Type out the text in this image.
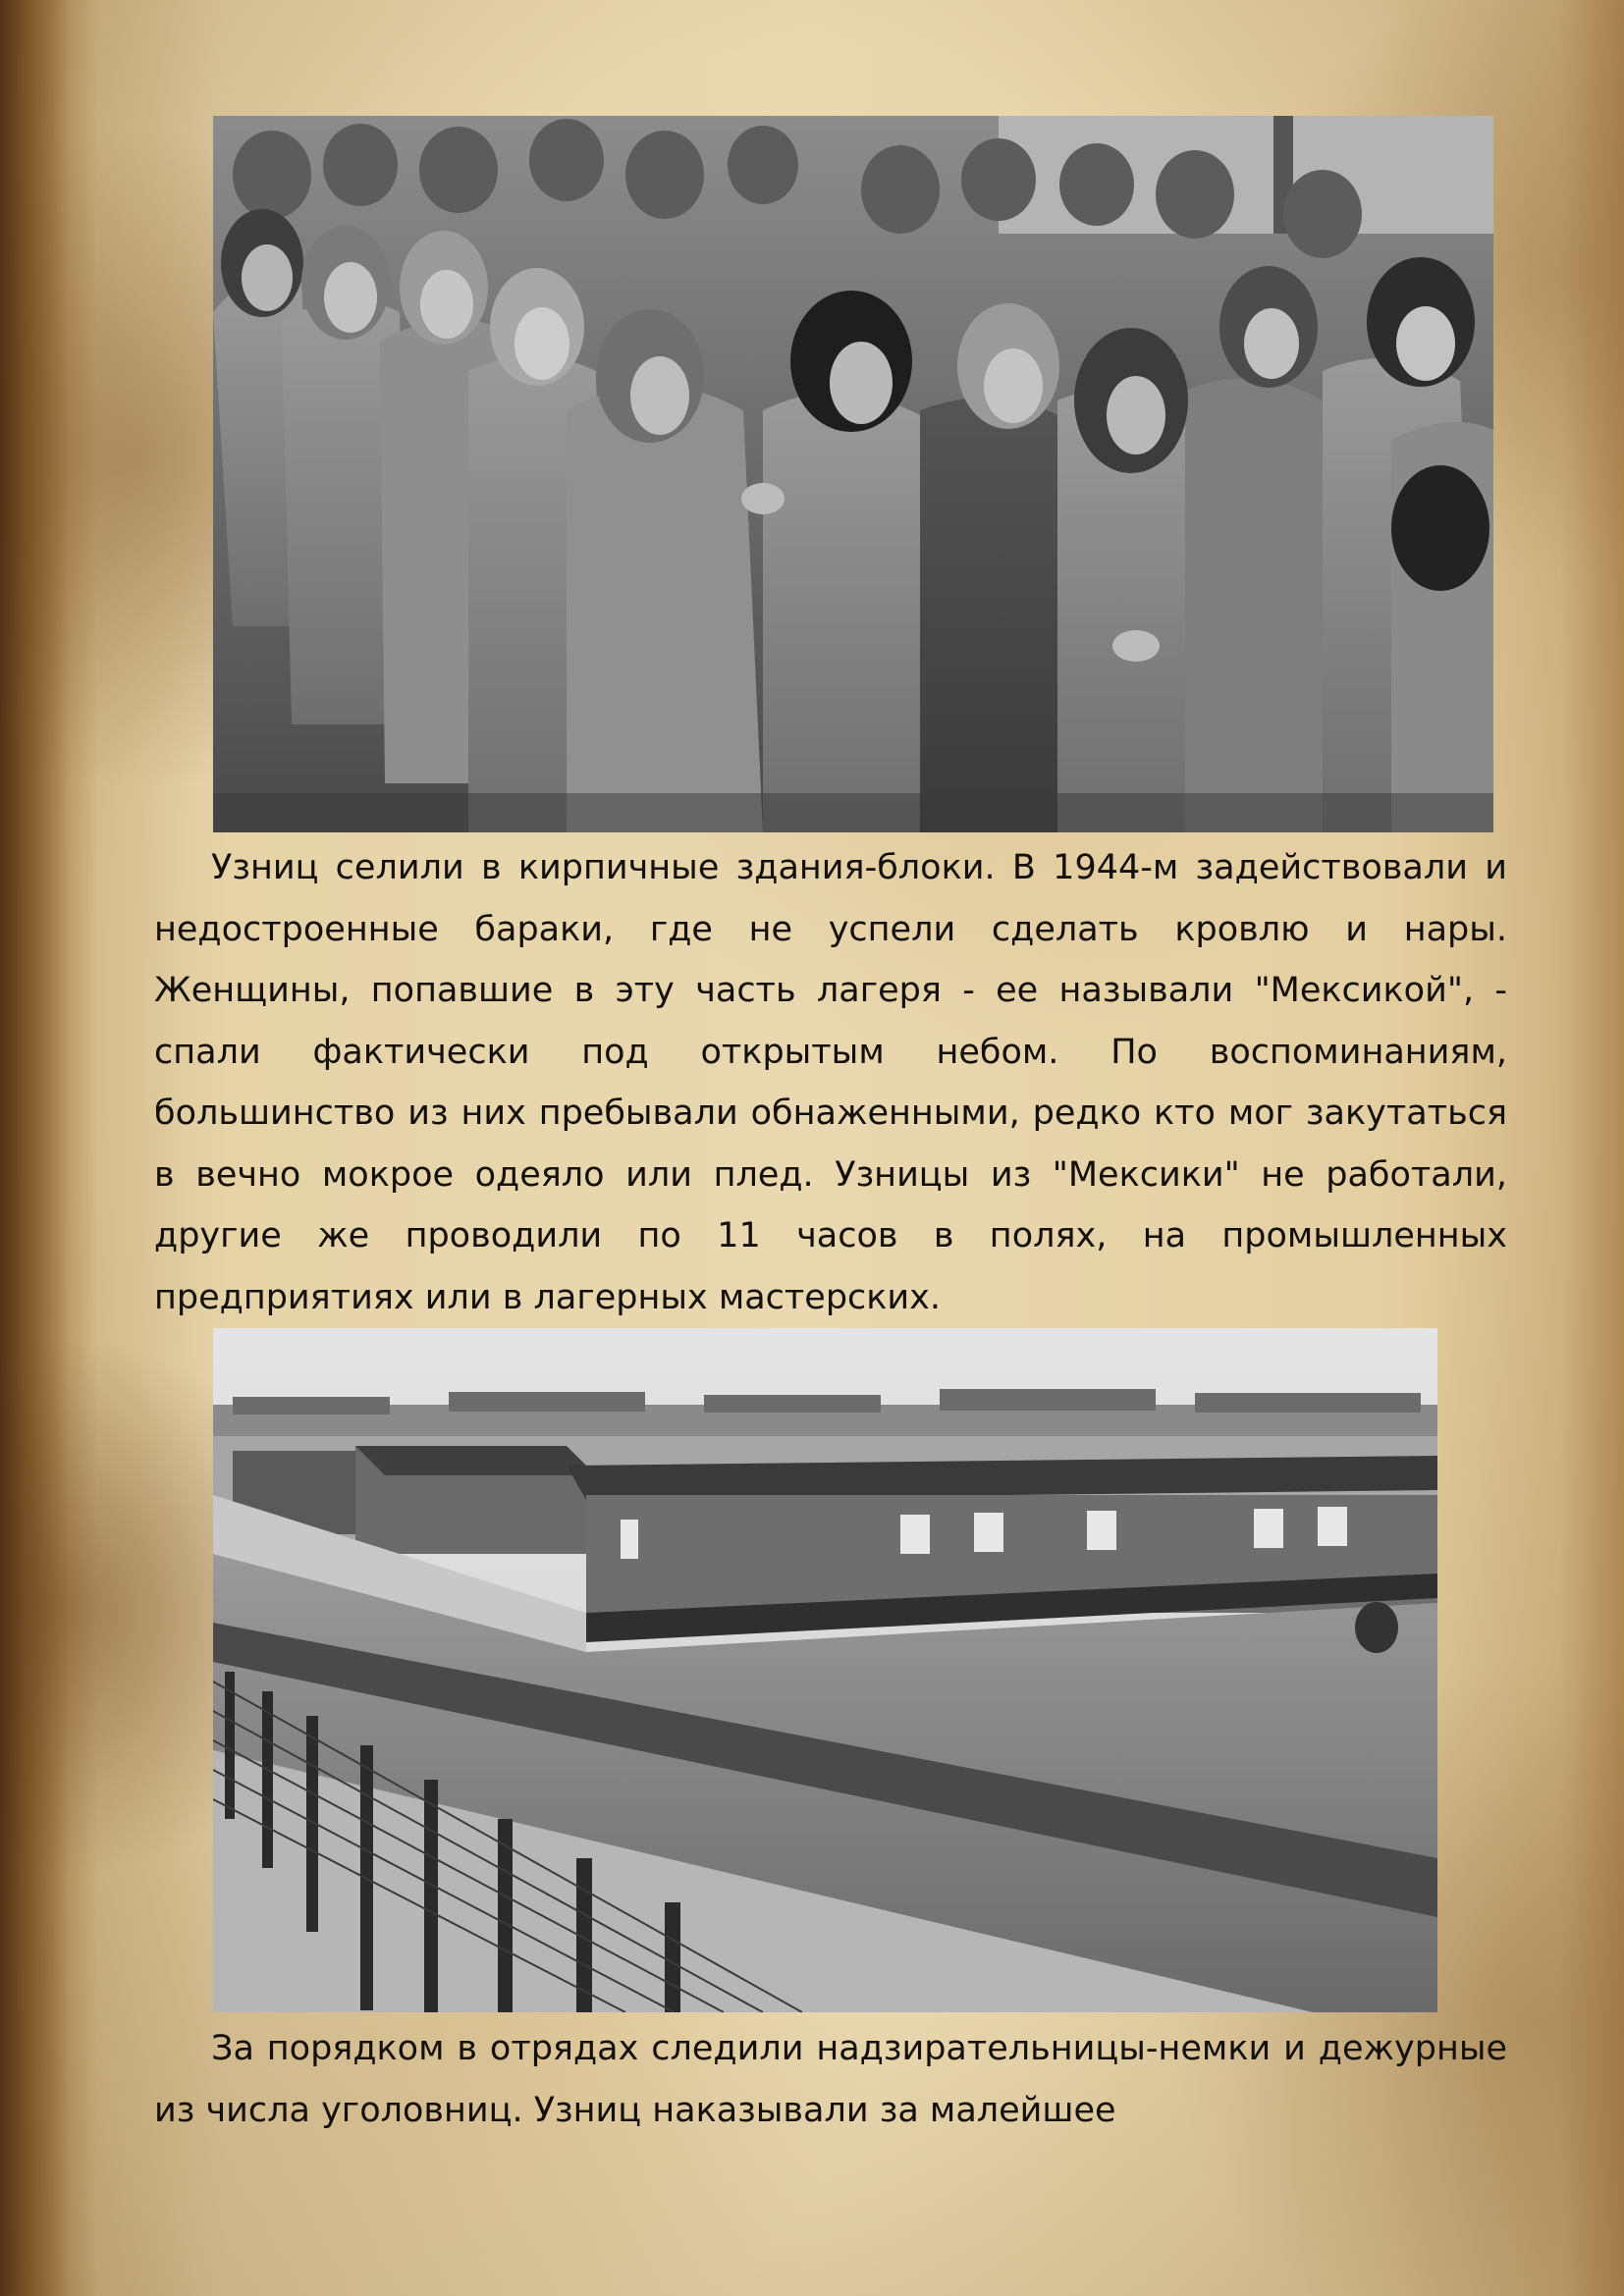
Узниц селили в кирпичные здания-блоки. В 1944-м задействовали и недостроенные бараки, где не успели сделать кровлю и нары. Женщины, попавшие в эту часть лагеря - ее называли "Мексикой", - спали фактически под открытым небом. По воспоминаниям, большинство из них пребывали обнаженными, редко кто мог закутаться в вечно мокрое одеяло или плед. Узницы из "Мексики" не работали, другие же проводили по 11 часов в полях, на промышленных предприятиях или в лагерных мастерских.

За порядком в отрядах следили надзирательницы-немки и дежурные из числа уголовниц. Узниц наказывали за малейшее
